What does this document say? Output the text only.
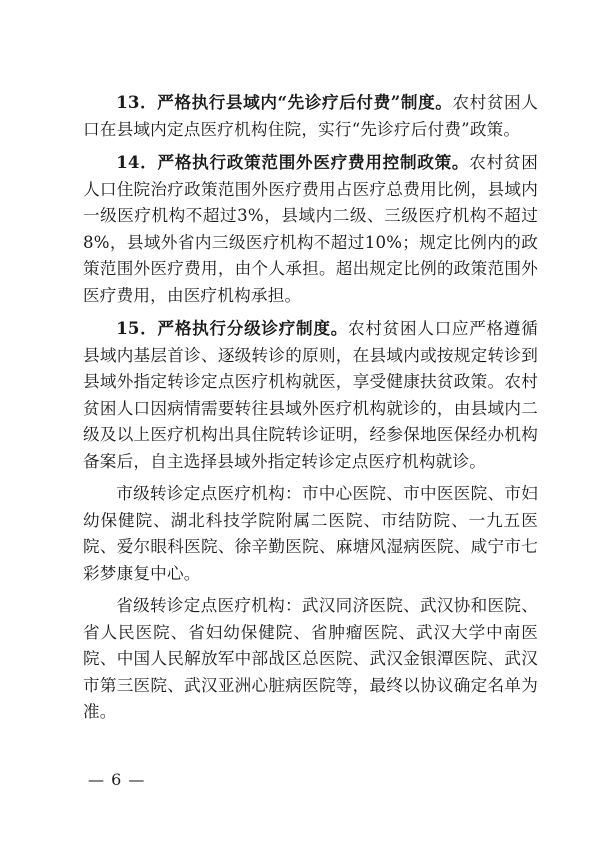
13．严格执行县域内“先诊疗后付费”制度。农村贫困人口在县域内定点医疗机构住院，实行“先诊疗后付费”政策。

14．严格执行政策范围外医疗费用控制政策。农村贫困人口住院治疗政策范围外医疗费用占医疗总费用比例，县域内一级医疗机构不超过3%，县域内二级、三级医疗机构不超过8%，县域外省内三级医疗机构不超过10%；规定比例内的政策范围外医疗费用，由个人承担。超出规定比例的政策范围外医疗费用，由医疗机构承担。

15．严格执行分级诊疗制度。农村贫困人口应严格遵循县域内基层首诊、逐级转诊的原则，在县域内或按规定转诊到县域外指定转诊定点医疗机构就医，享受健康扶贫政策。农村贫困人口因病情需要转往县域外医疗机构就诊的，由县域内二级及以上医疗机构出具住院转诊证明，经参保地医保经办机构备案后，自主选择县域外指定转诊定点医疗机构就诊。

市级转诊定点医疗机构：市中心医院、市中医医院、市妇幼保健院、湖北科技学院附属二医院、市结防院、一九五医院、爱尔眼科医院、徐辛勤医院、麻塘风湿病医院、咸宁市七彩梦康复中心。

省级转诊定点医疗机构：武汉同济医院、武汉协和医院、省人民医院、省妇幼保健院、省肿瘤医院、武汉大学中南医院、中国人民解放军中部战区总医院、武汉金银潭医院、武汉市第三医院、武汉亚洲心脏病医院等，最终以协议确定名单为准。

— 6 —
